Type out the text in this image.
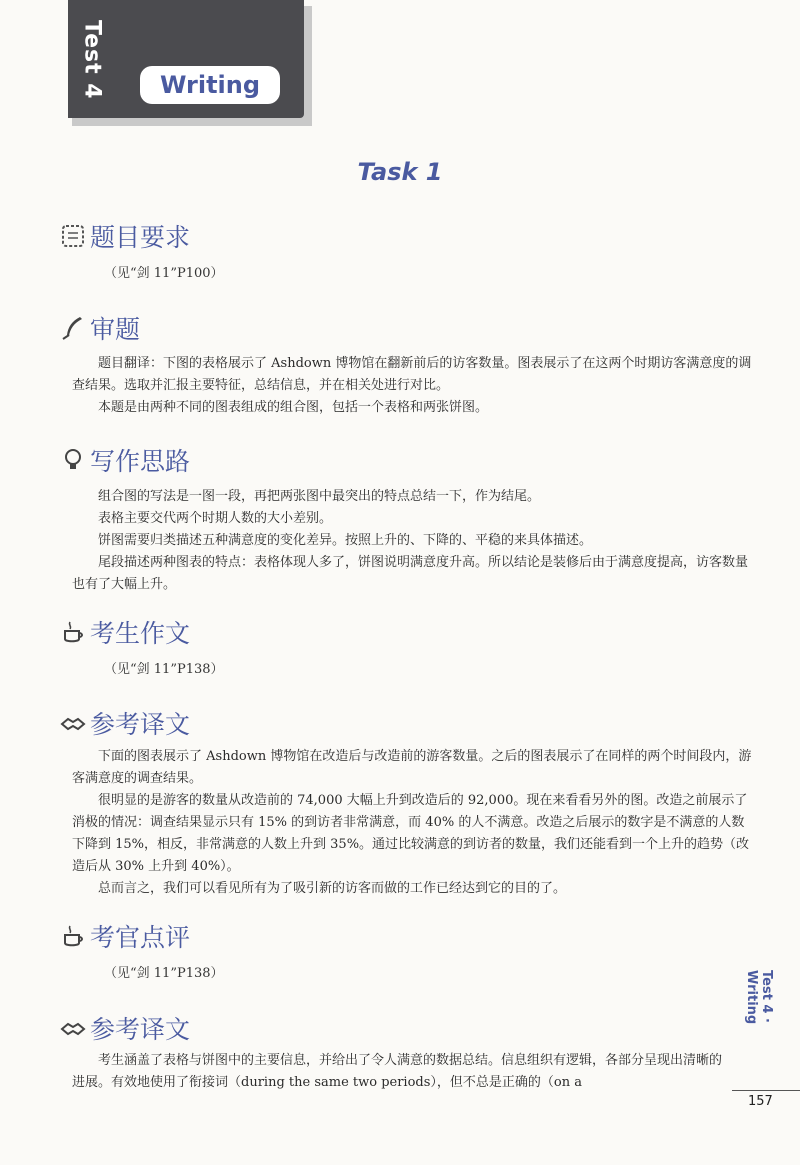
Test 4	Writing
Task 1
题目要求
（见“剑 11”P100）
审题

题目翻译：下图的表格展示了 Ashdown 博物馆在翻新前后的访客数量。图表展示了在这两个时期访客满意度的调查结果。选取并汇报主要特征，总结信息，并在相关处进行对比。

本题是由两种不同的图表组成的组合图，包括一个表格和两张饼图。

写作思路

组合图的写法是一图一段，再把两张图中最突出的特点总结一下，作为结尾。

表格主要交代两个时期人数的大小差别。

饼图需要归类描述五种满意度的变化差异。按照上升的、下降的、平稳的来具体描述。

尾段描述两种图表的特点：表格体现人多了，饼图说明满意度升高。所以结论是装修后由于满意度提高，访客数量也有了大幅上升。

考生作文
（见“剑 11”P138）
参考译文

下面的图表展示了 Ashdown 博物馆在改造后与改造前的游客数量。之后的图表展示了在同样的两个时间段内，游客满意度的调查结果。

很明显的是游客的数量从改造前的 74,000 大幅上升到改造后的 92,000。现在来看看另外的图。改造之前展示了消极的情况：调查结果显示只有 15% 的到访者非常满意，而 40% 的人不满意。改造之后展示的数字是不满意的人数下降到 15%，相反，非常满意的人数上升到 35%。通过比较满意的到访者的数量，我们还能看到一个上升的趋势（改造后从 30% 上升到 40%）。

总而言之，我们可以看见所有为了吸引新的访客而做的工作已经达到它的目的了。

考官点评
（见“剑 11”P138）
参考译文

考生涵盖了表格与饼图中的主要信息，并给出了令人满意的数据总结。信息组织有逻辑，各部分呈现出清晰的进展。有效地使用了衔接词（during the same two periods），但不总是正确的（on a

Test 4 · Writing
157
